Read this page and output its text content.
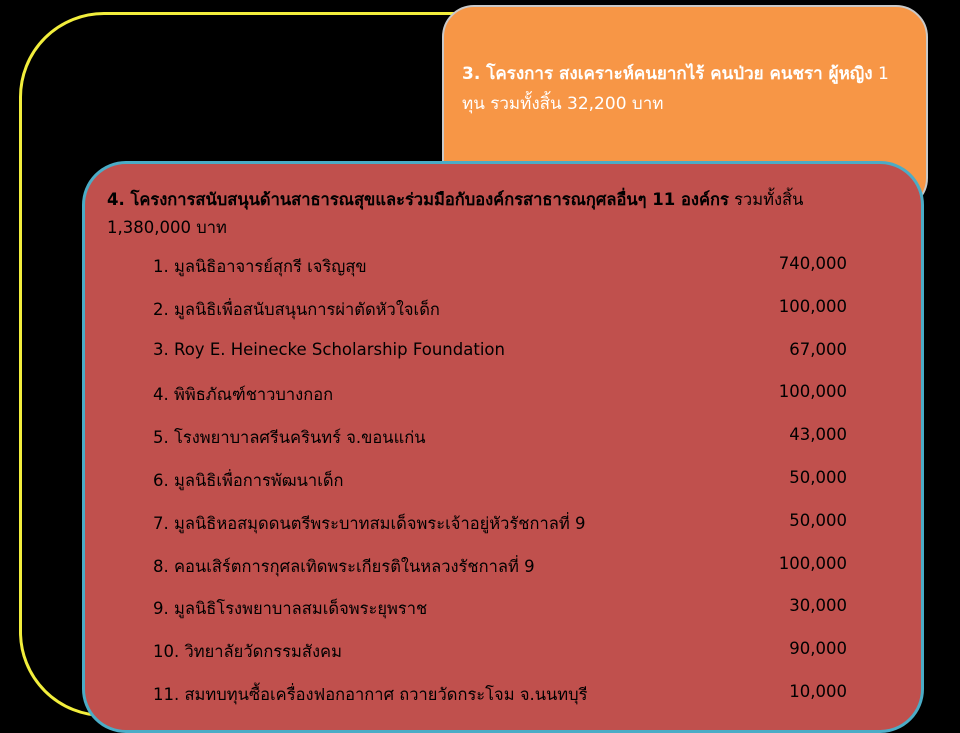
3. โครงการ สงเคราะห์คนยากไร้ คนป่วย คนชรา ผู้หญิง 1 ทุน รวมทั้งสิ้น 32,200 บาท
4. โครงการสนับสนุนด้านสาธารณสุขและร่วมมือกับองค์กรสาธารณกุศลอื่นๆ 11 องค์กร รวมทั้งสิ้น 1,380,000 บาท
1. มูลนิธิอาจารย์สุกรี เจริญสุข	740,000
2. มูลนิธิเพื่อสนับสนุนการผ่าตัดหัวใจเด็ก	100,000
3. Roy E. Heinecke Scholarship Foundation	67,000
4. พิพิธภัณฑ์ชาวบางกอก	100,000
5. โรงพยาบาลศรีนครินทร์ จ.ขอนแก่น	43,000
6. มูลนิธิเพื่อการพัฒนาเด็ก	50,000
7. มูลนิธิหอสมุดดนตรีพระบาทสมเด็จพระเจ้าอยู่หัวรัชกาลที่ 9	50,000
8. คอนเสิร์ตการกุศลเทิดพระเกียรติในหลวงรัชกาลที่ 9	100,000
9. มูลนิธิโรงพยาบาลสมเด็จพระยุพราช	30,000
10. วิทยาลัยวัดกรรมสังคม	90,000
11. สมทบทุนซื้อเครื่องฟอกอากาศ ถวายวัดกระโจม จ.นนทบุรี	10,000
